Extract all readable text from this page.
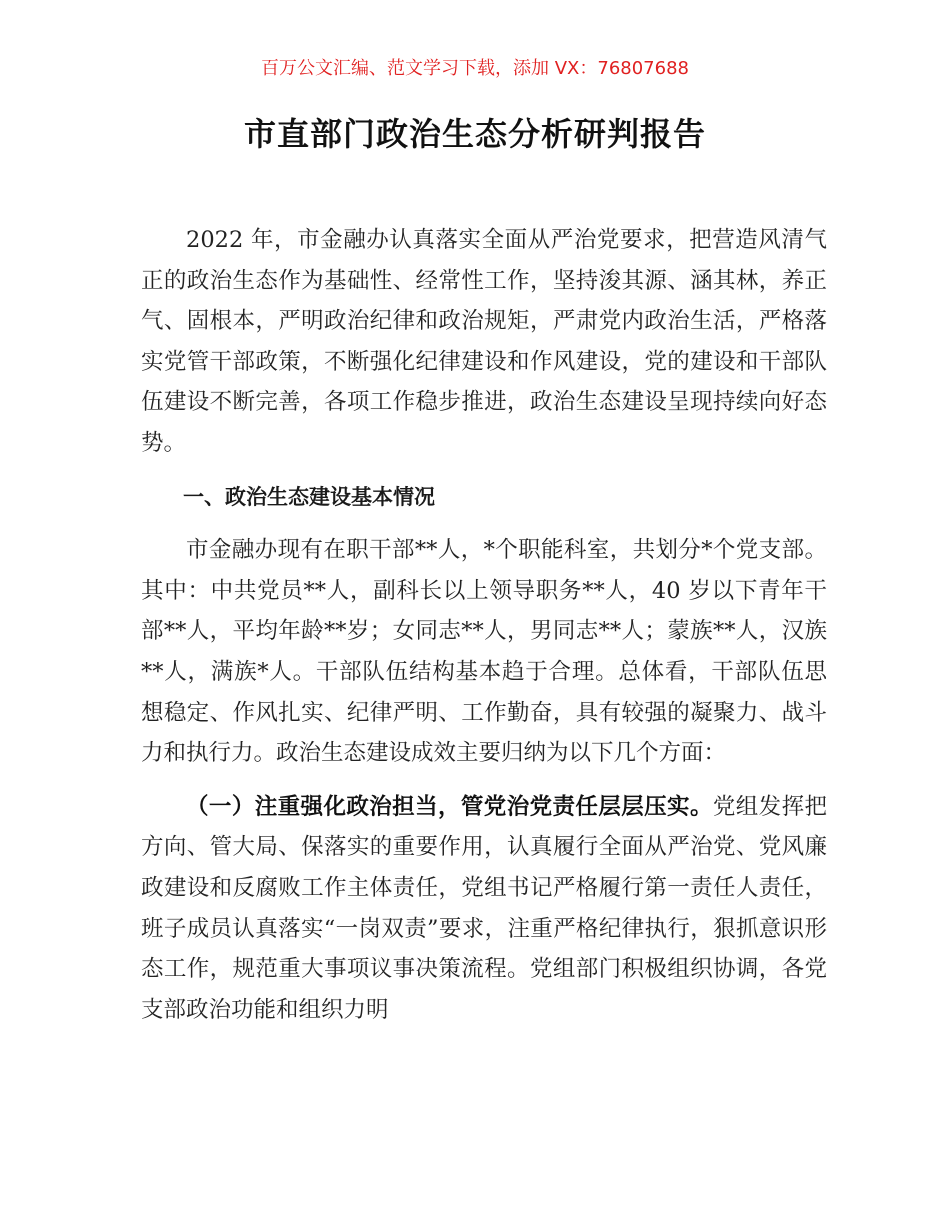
百万公文汇编、范文学习下载，添加 VX：76807688
市直部门政治生态分析研判报告

2022 年，市金融办认真落实全面从严治党要求，把营造风清气正的政治生态作为基础性、经常性工作，坚持浚其源、涵其林，养正气、固根本，严明政治纪律和政治规矩，严肃党内政治生活，严格落实党管干部政策，不断强化纪律建设和作风建设，党的建设和干部队伍建设不断完善，各项工作稳步推进，政治生态建设呈现持续向好态势。

一、政治生态建设基本情况

市金融办现有在职干部**人，*个职能科室，共划分*个党支部。其中：中共党员**人，副科长以上领导职务**人，40 岁以下青年干部**人，平均年龄**岁；女同志**人，男同志**人；蒙族**人，汉族**人，满族*人。干部队伍结构基本趋于合理。总体看，干部队伍思想稳定、作风扎实、纪律严明、工作勤奋，具有较强的凝聚力、战斗力和执行力。政治生态建设成效主要归纳为以下几个方面：

（一）注重强化政治担当，管党治党责任层层压实。党组发挥把方向、管大局、保落实的重要作用，认真履行全面从严治党、党风廉政建设和反腐败工作主体责任，党组书记严格履行第一责任人责任，班子成员认真落实“一岗双责”要求，注重严格纪律执行，狠抓意识形态工作，规范重大事项议事决策流程。党组部门积极组织协调，各党支部政治功能和组织力明
